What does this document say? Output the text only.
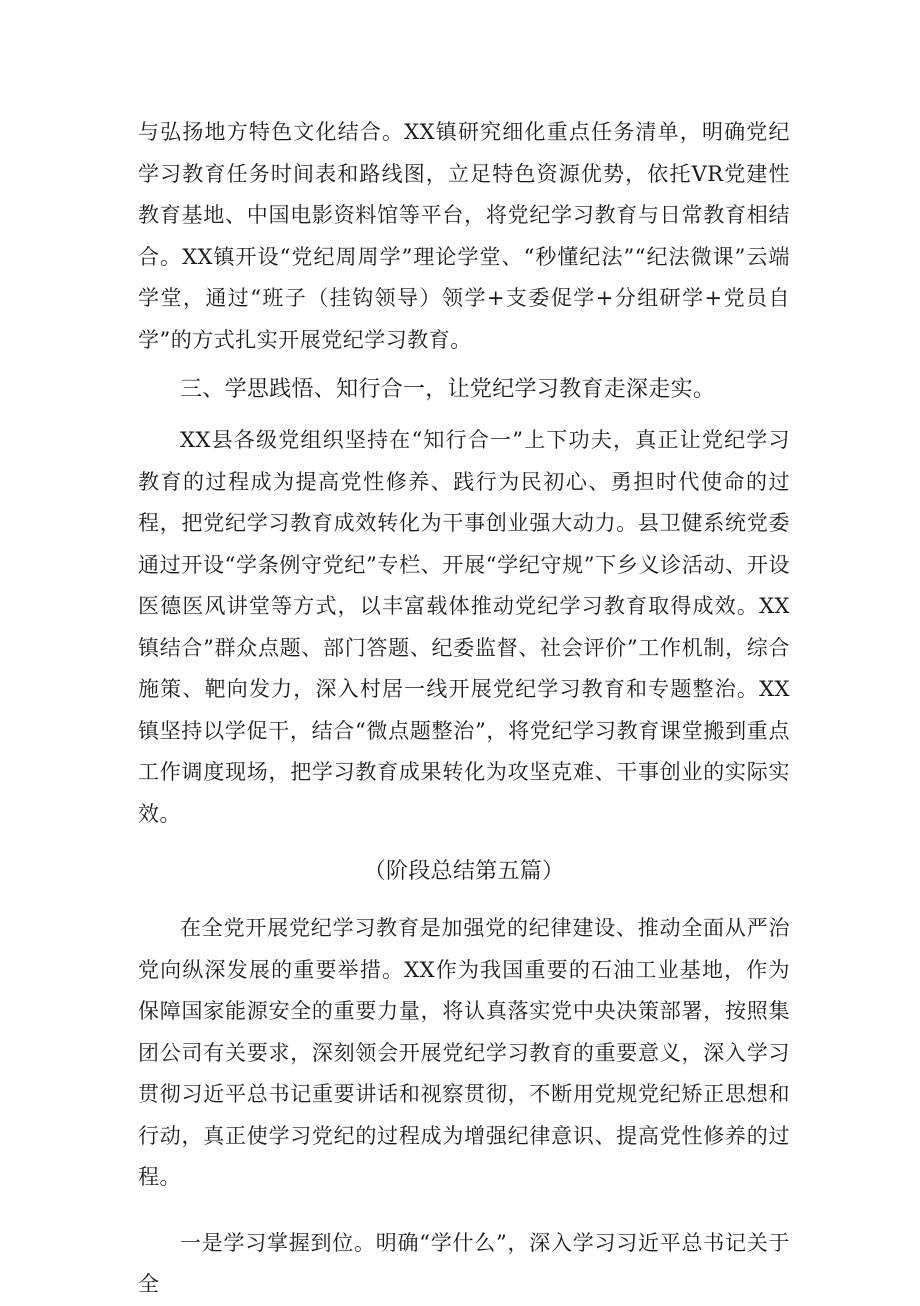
与弘扬地方特色文化结合。XX镇研究细化重点任务清单，明确党纪学习教育任务时间表和路线图，立足特色资源优势，依托VR党建性教育基地、中国电影资料馆等平台，将党纪学习教育与日常教育相结合。XX镇开设“党纪周周学”理论学堂、“秒懂纪法”“纪法微课”云端学堂，通过“班子（挂钩领导）领学+支委促学+分组研学+党员自学”的方式扎实开展党纪学习教育。

三、学思践悟、知行合一，让党纪学习教育走深走实。

XX县各级党组织坚持在“知行合一”上下功夫，真正让党纪学习教育的过程成为提高党性修养、践行为民初心、勇担时代使命的过程，把党纪学习教育成效转化为干事创业强大动力。县卫健系统党委通过开设“学条例守党纪”专栏、开展“学纪守规”下乡义诊活动、开设医德医风讲堂等方式，以丰富载体推动党纪学习教育取得成效。XX镇结合”群众点题、部门答题、纪委监督、社会评价”工作机制，综合施策、靶向发力，深入村居一线开展党纪学习教育和专题整治。XX镇坚持以学促干，结合“微点题整治”，将党纪学习教育课堂搬到重点工作调度现场，把学习教育成果转化为攻坚克难、干事创业的实际实效。

（阶段总结第五篇）

在全党开展党纪学习教育是加强党的纪律建设、推动全面从严治党向纵深发展的重要举措。XX作为我国重要的石油工业基地，作为保障国家能源安全的重要力量，将认真落实党中央决策部署，按照集团公司有关要求，深刻领会开展党纪学习教育的重要意义，深入学习贯彻习近平总书记重要讲话和视察贯彻，不断用党规党纪矫正思想和行动，真正使学习党纪的过程成为增强纪律意识、提高党性修养的过程。

一是学习掌握到位。明确“学什么”，深入学习习近平总书记关于全
